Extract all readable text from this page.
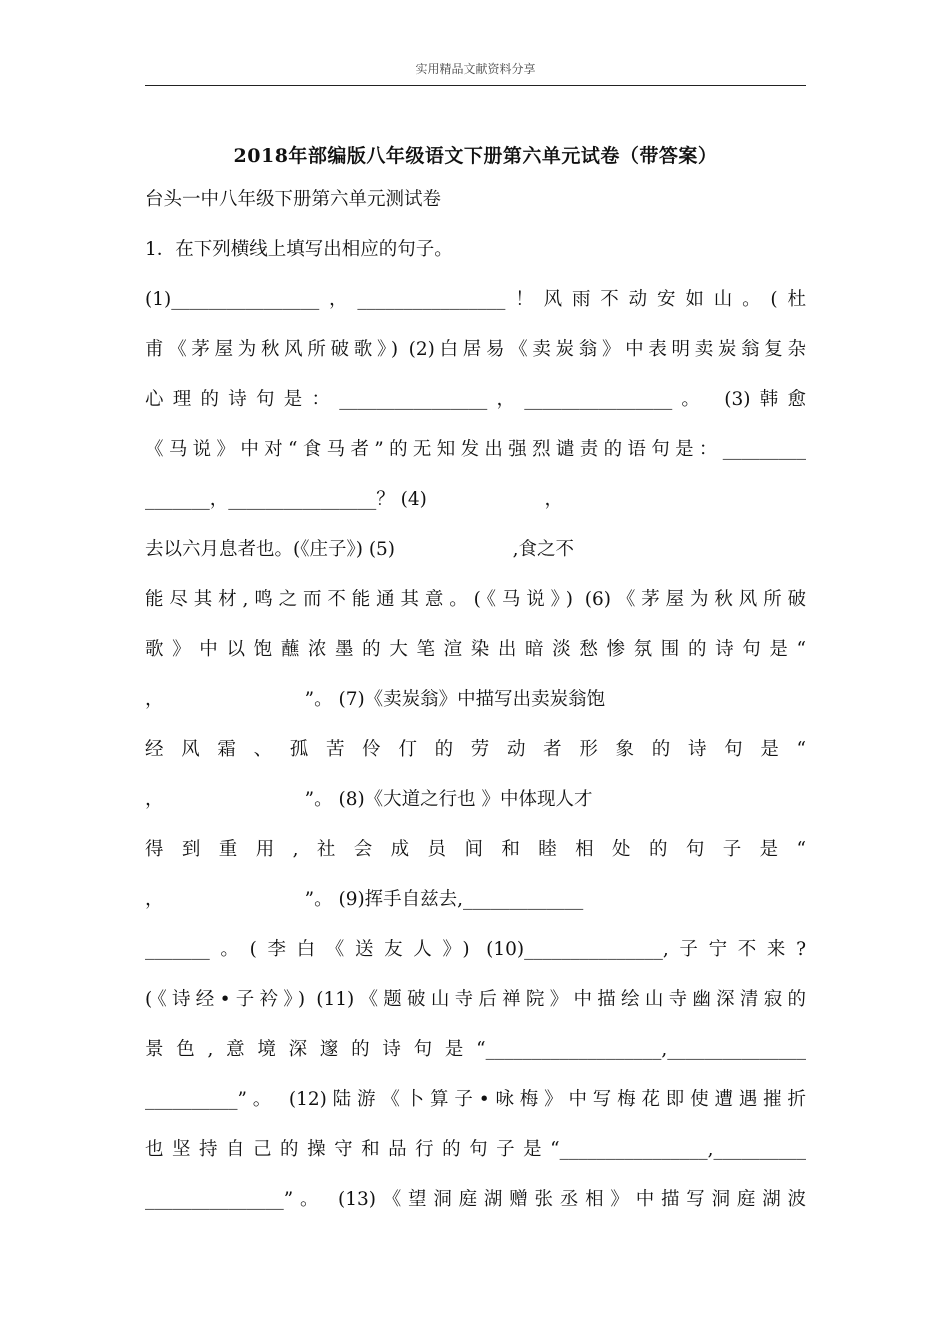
实用精品文献资料分享
2018年部编版八年级语文下册第六单元试卷（带答案）
台头一中八年级下册第六单元测试卷
1．在下列横线上填写出相应的句子。
(1)________________，________________！风雨不动安如山。(杜
甫《茅屋为秋风所破歌》) (2)白居易《卖炭翁》中表明卖炭翁复杂
心理的诗句是：________________，________________。 (3)韩愈
《马说》中对“食马者”的无知发出强烈谴责的语句是：_________
_______，________________？ (4)                    ，
去以六月息者也。(《庄子》) (5)                    ,食之不
能尽其材,鸣之而不能通其意。(《马说》) (6)《茅屋为秋风所破
歌》中以饱蘸浓墨的大笔渲染出暗淡愁惨氛围的诗句是“
，                        ”。 (7)《卖炭翁》中描写出卖炭翁饱
经风霜、孤苦伶仃的劳动者形象的诗句是“
，                        ”。 (8)《大道之行也 》中体现人才
得到重用,社会成员间和睦相处的句子是“
，                        ”。 (9)挥手自兹去,_____________
_______。(李白《送友人》) (10)_______________,子宁不来?
(《诗经•子衿》) (11)《题破山寺后禅院》中描绘山寺幽深清寂的
景色,意境深邃的诗句是“___________________,_______________
__________”。 (12)陆游《卜算子•咏梅》中写梅花即使遭遇摧折
也坚持自己的操守和品行的句子是“________________,__________
_______________”。 (13)《望洞庭湖赠张丞相》中描写洞庭湖波
